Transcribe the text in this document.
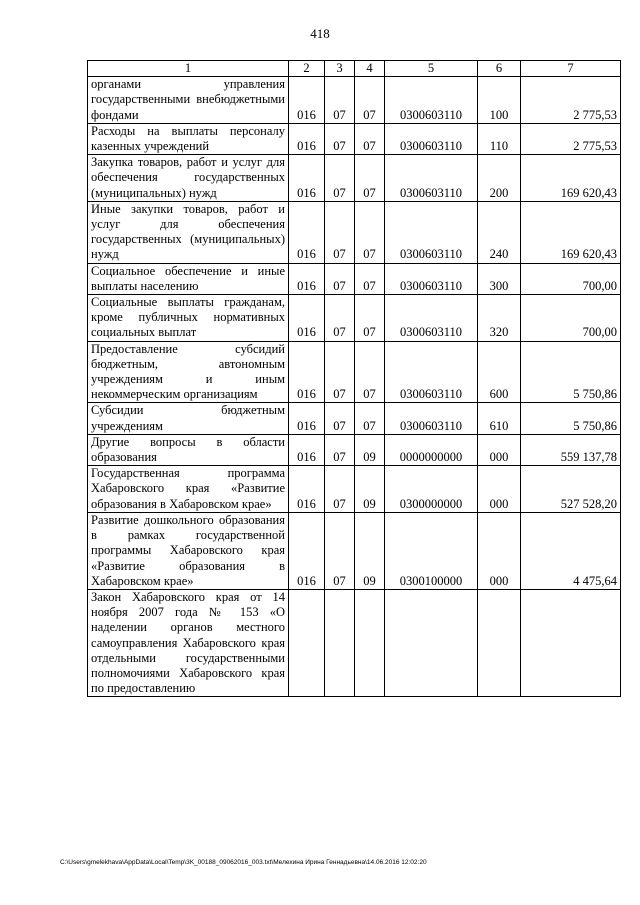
418
1	2	3	4	5	6	7
органами управления государственными внебюджетными фондами	016	07	07	0300603110	100	2 775,53
Расходы на выплаты персоналу казенных учреждений	016	07	07	0300603110	110	2 775,53
Закупка товаров, работ и услуг для обеспечения государственных (муниципальных) нужд	016	07	07	0300603110	200	169 620,43
Иные закупки товаров, работ и услуг для обеспечения государственных (муниципальных) нужд	016	07	07	0300603110	240	169 620,43
Социальное обеспечение и иные выплаты населению	016	07	07	0300603110	300	700,00
Социальные выплаты гражданам, кроме публичных нормативных социальных выплат	016	07	07	0300603110	320	700,00
Предоставление субсидий бюджетным, автономным учреждениям и иным некоммерческим организациям	016	07	07	0300603110	600	5 750,86
Субсидии бюджетным учреждениям	016	07	07	0300603110	610	5 750,86
Другие вопросы в области образования	016	07	09	0000000000	000	559 137,78
Государственная программа Хабаровского края «Развитие образования в Хабаровском крае»	016	07	09	0300000000	000	527 528,20
Развитие дошкольного образования в рамках государственной программы Хабаровского края «Развитие образования в Хабаровском крае»	016	07	09	0300100000	000	4 475,64
Закон Хабаровского края от 14 ноября 2007 года № 153 «О наделении органов местного самоуправления Хабаровского края отдельными государственными полномочиями Хабаровского края по предоставлению						
C:\Users\gmelekhava\AppData\Local\Temp\3K_00188_09062016_003.txt\Мелехина Ирина Геннадьевна\14.06.2016 12:02:20
